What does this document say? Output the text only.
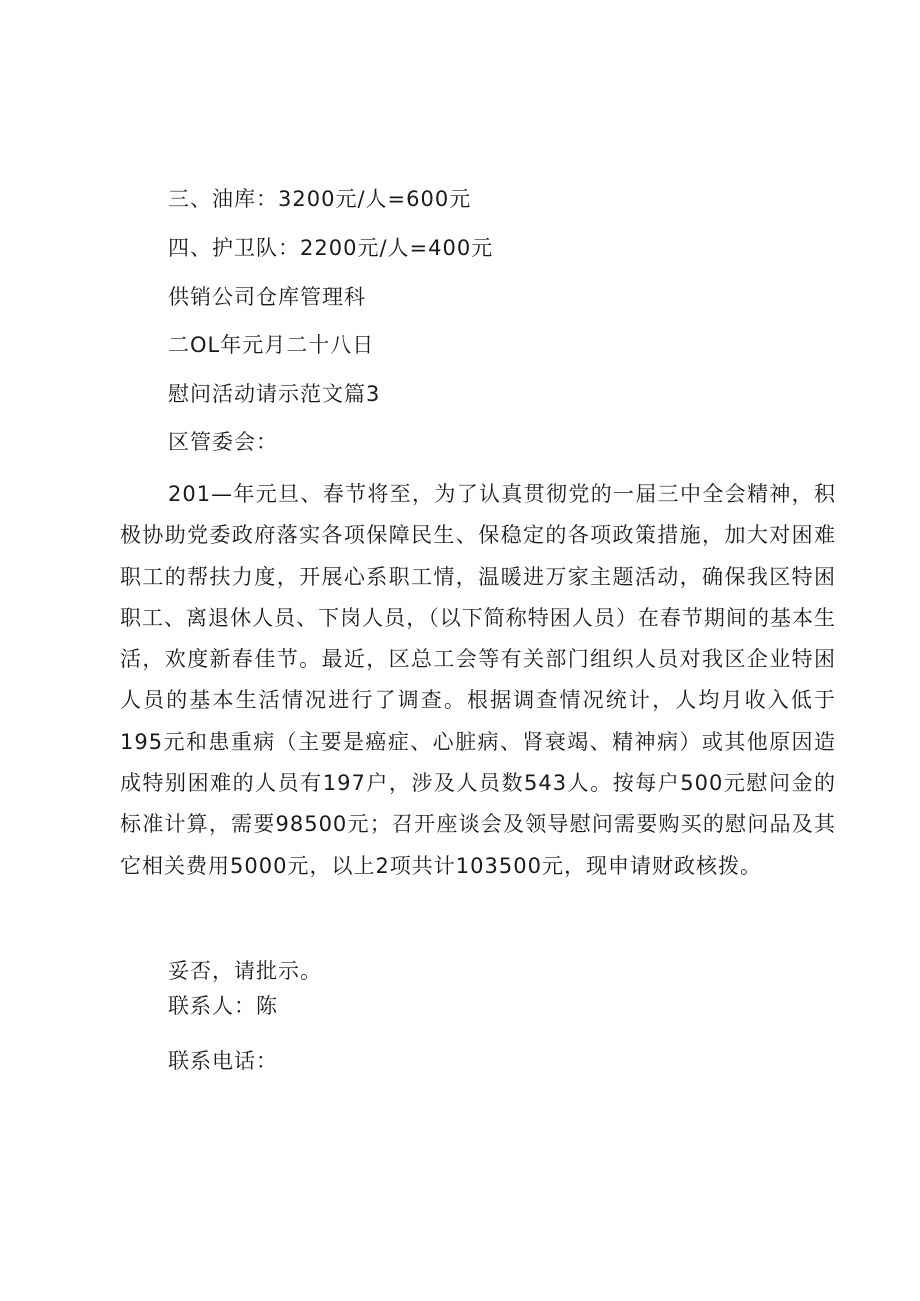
三、油库：3200元/人=600元
四、护卫队：2200元/人=400元
供销公司仓库管理科
二OL年元月二十八日
慰问活动请示范文篇3
区管委会：

201—年元旦、春节将至，为了认真贯彻党的一届三中全会精神，积极协助党委政府落实各项保障民生、保稳定的各项政策措施，加大对困难职工的帮扶力度，开展心系职工情，温暖进万家主题活动，确保我区特困职工、离退休人员、下岗人员，（以下简称特困人员）在春节期间的基本生活，欢度新春佳节。最近，区总工会等有关部门组织人员对我区企业特困人员的基本生活情况进行了调查。根据调查情况统计，人均月收入低于195元和患重病（主要是癌症、心脏病、肾衰竭、精神病）或其他原因造成特别困难的人员有197户，涉及人员数543人。按每户500元慰问金的标准计算，需要98500元；召开座谈会及领导慰问需要购买的慰问品及其它相关费用5000元，以上2项共计103500元，现申请财政核拨。

妥否，请批示。
联系人：陈
联系电话：
